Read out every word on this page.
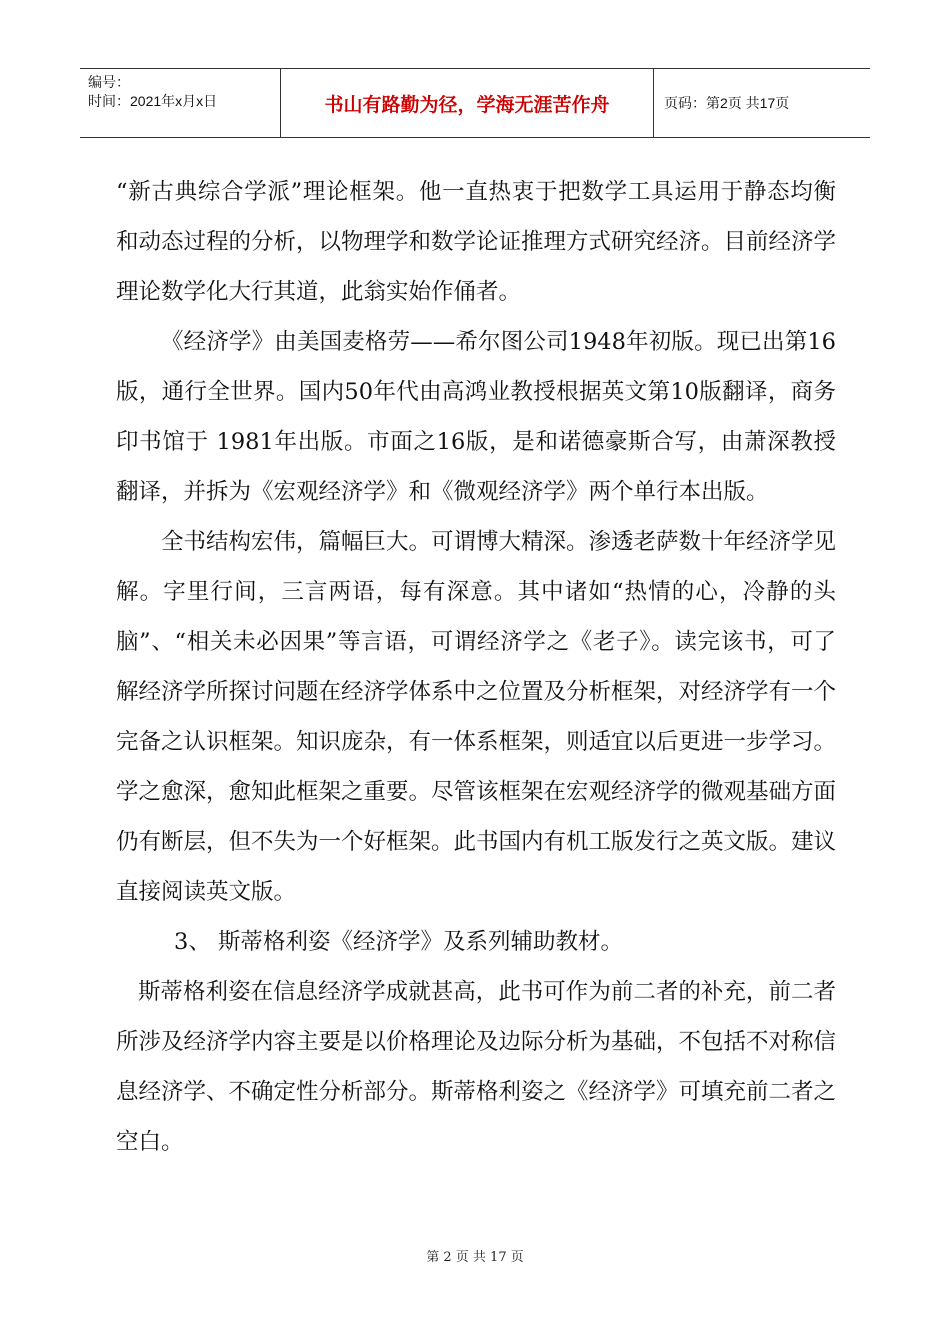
编号：
时间：2021年x月x日	书山有路勤为径，学海无涯苦作舟	页码：第2页 共17页

“新古典综合学派”理论框架。他一直热衷于把数学工具运用于静态均衡和动态过程的分析，以物理学和数学论证推理方式研究经济。目前经济学理论数学化大行其道，此翁实始作俑者。

《经济学》由美国麦格劳——希尔图公司1948年初版。现已出第16版，通行全世界。国内50年代由高鸿业教授根据英文第10版翻译，商务印书馆于 1981年出版。市面之16版，是和诺德豪斯合写，由萧深教授翻译，并拆为《宏观经济学》和《微观经济学》两个单行本出版。

全书结构宏伟，篇幅巨大。可谓博大精深。渗透老萨数十年经济学见解。字里行间，三言两语，每有深意。其中诸如“热情的心，冷静的头脑”、“相关未必因果”等言语，可谓经济学之《老子》。读完该书，可了解经济学所探讨问题在经济学体系中之位置及分析框架，对经济学有一个完备之认识框架。知识庞杂，有一体系框架，则适宜以后更进一步学习。学之愈深，愈知此框架之重要。尽管该框架在宏观经济学的微观基础方面仍有断层，但不失为一个好框架。此书国内有机工版发行之英文版。建议直接阅读英文版。

3、 斯蒂格利姿《经济学》及系列辅助教材。

斯蒂格利姿在信息经济学成就甚高，此书可作为前二者的补充，前二者所涉及经济学内容主要是以价格理论及边际分析为基础，不包括不对称信息经济学、不确定性分析部分。斯蒂格利姿之《经济学》可填充前二者之空白。

第 2 页 共 17 页
